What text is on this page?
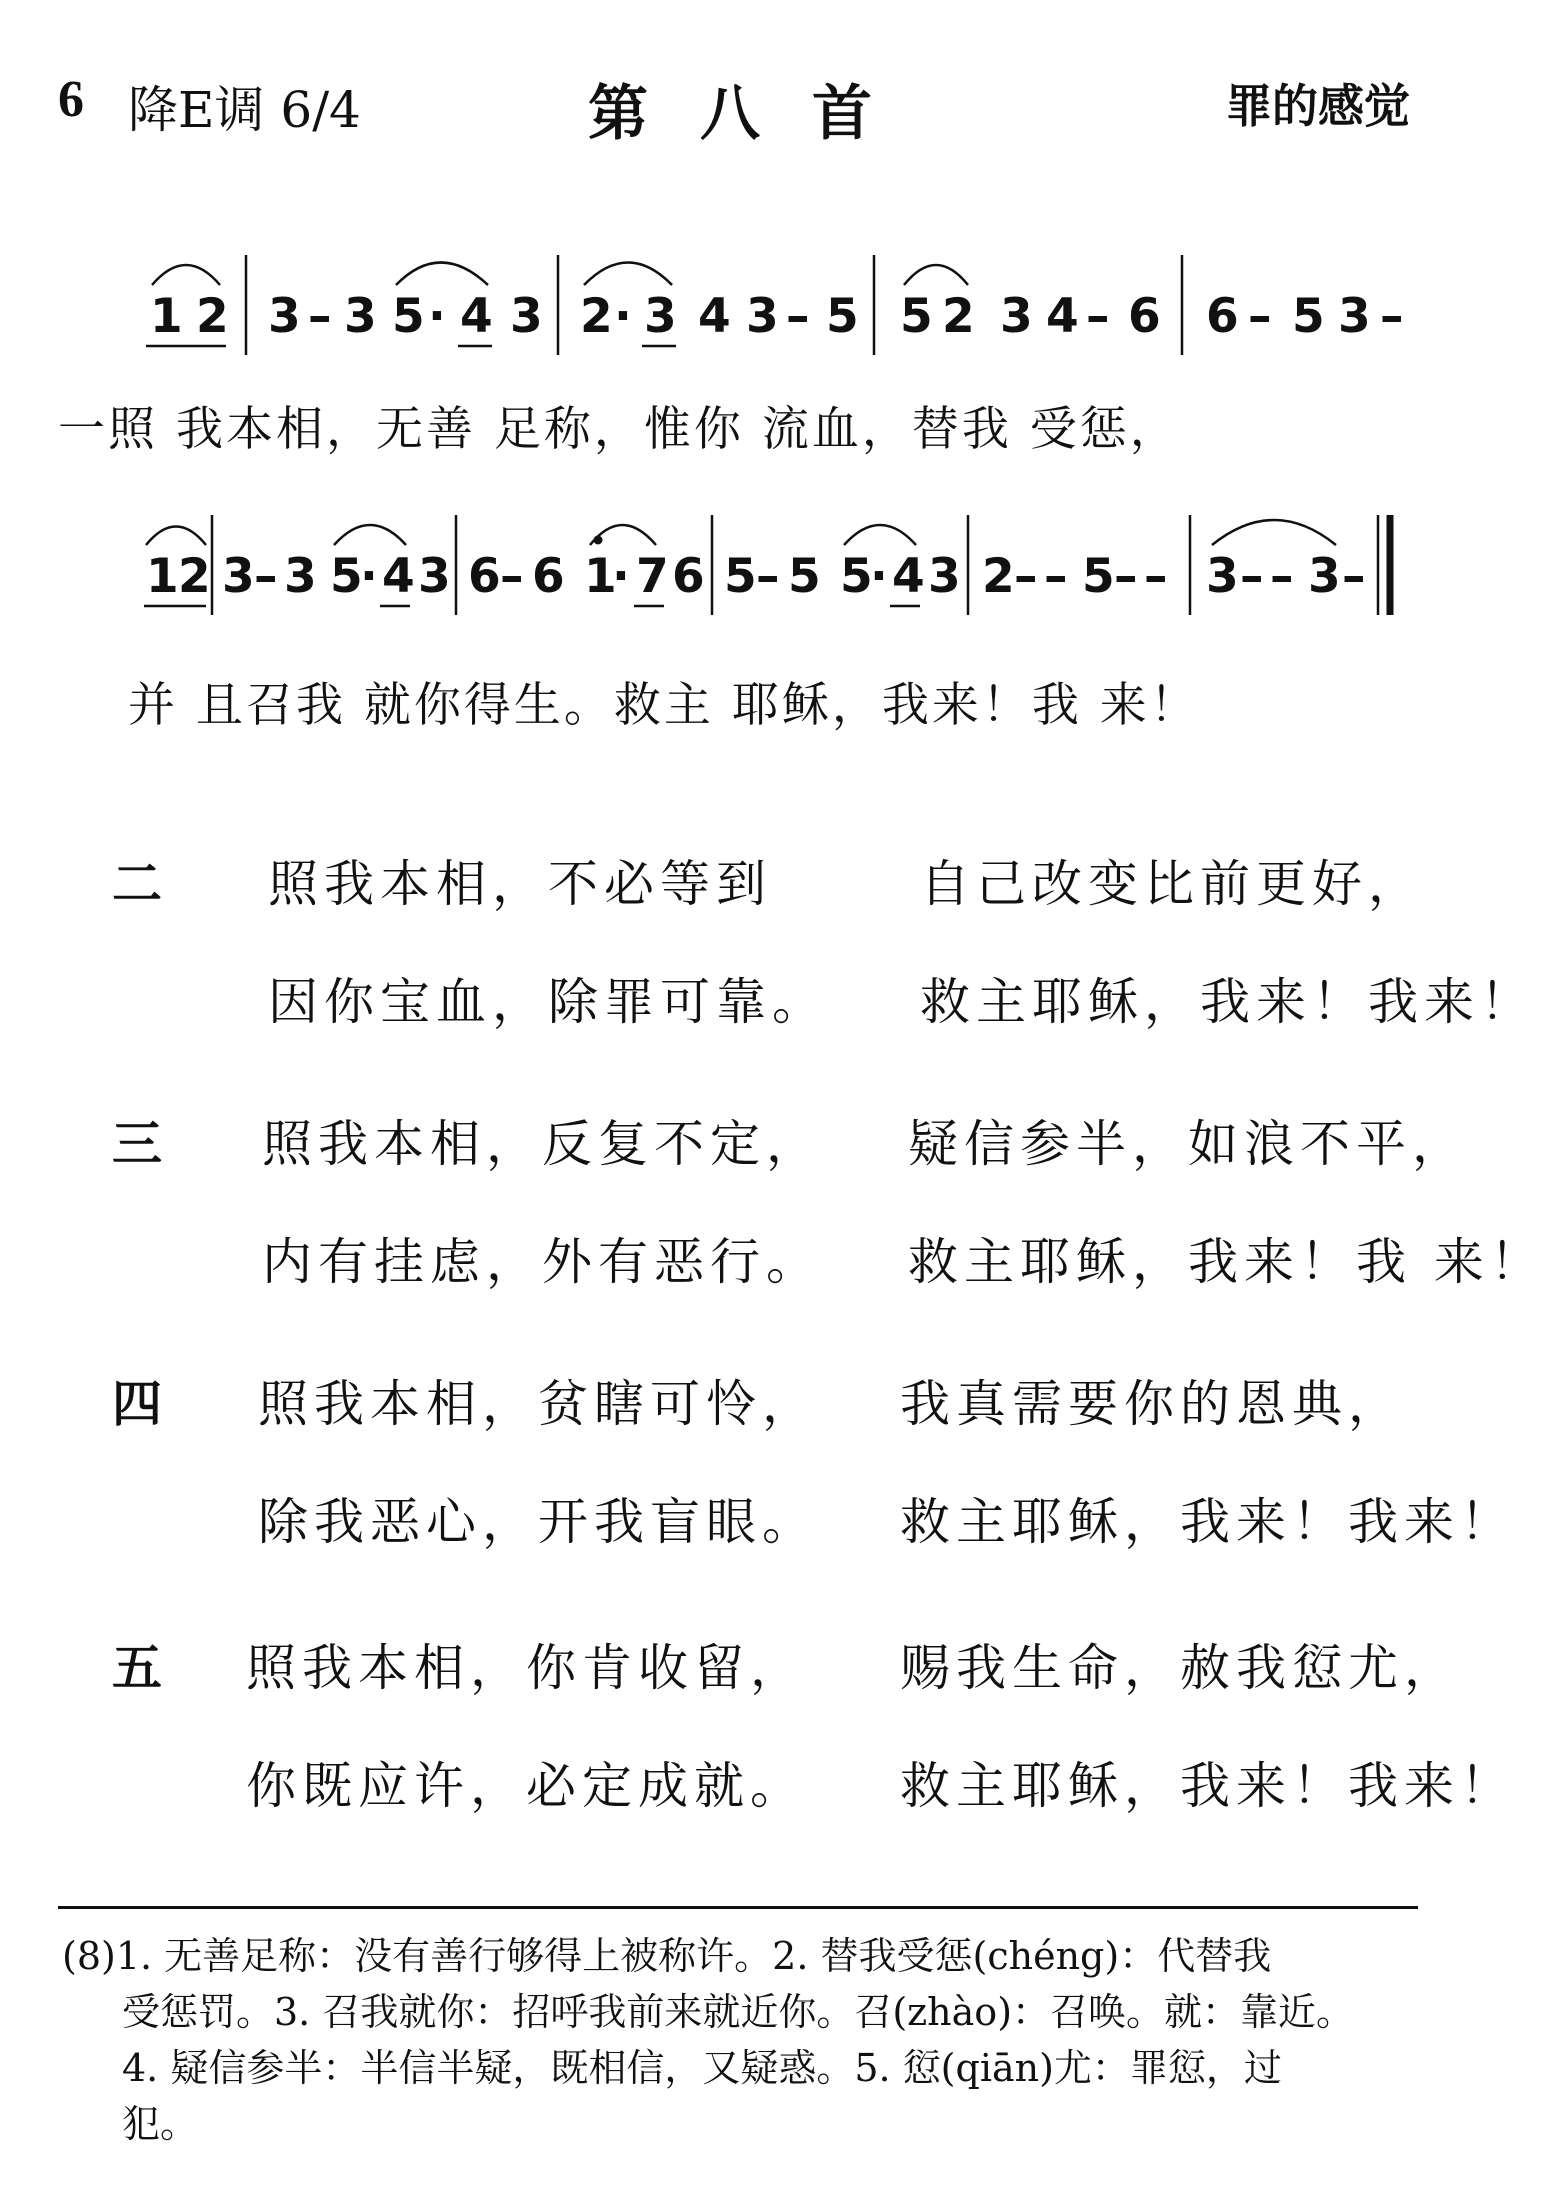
6 降E调 6/4	第八首	罪的感觉
1 2 3 – 3 5 · 4 3 2 · 3 4 3 – 5 5 2 3 4 – 6 6 – 5 3 –
1 2 3 – 3 5
· 4 3 6 – 6 1
· 7 6 5 – 5 5
· 4 3 2 – – 5 – – 3 – – 3 –
一照 我本相，无善 足称，惟你 流血，替我 受惩，
并 且召我 就你得生。救主 耶稣，我来！我 来！
二 照我本相，不必等到	自己改变比前更好，
因你宝血，除罪可靠。 救主耶稣，我来！我来！
三 照我本相，反复不定， 疑信参半，如浪不平，
内有挂虑，外有恶行。 救主耶稣，我来！我 来！
四 照我本相，贫瞎可怜， 我真需要你的恩典，
除我恶心，开我盲眼。 救主耶稣，我来！我来！
五 照我本相，你肯收留， 赐我生命，赦我愆尤，
你既应许，必定成就。 救主耶稣，我来！我来！
(8)1. 无善足称：没有善行够得上被称许。2. 替我受惩(chéng)：代替我
受惩罚。3. 召我就你：招呼我前来就近你。召(zhào)：召唤。就：靠近。
4. 疑信参半：半信半疑，既相信，又疑惑。5. 愆(qiān)尤：罪愆，过
犯。
